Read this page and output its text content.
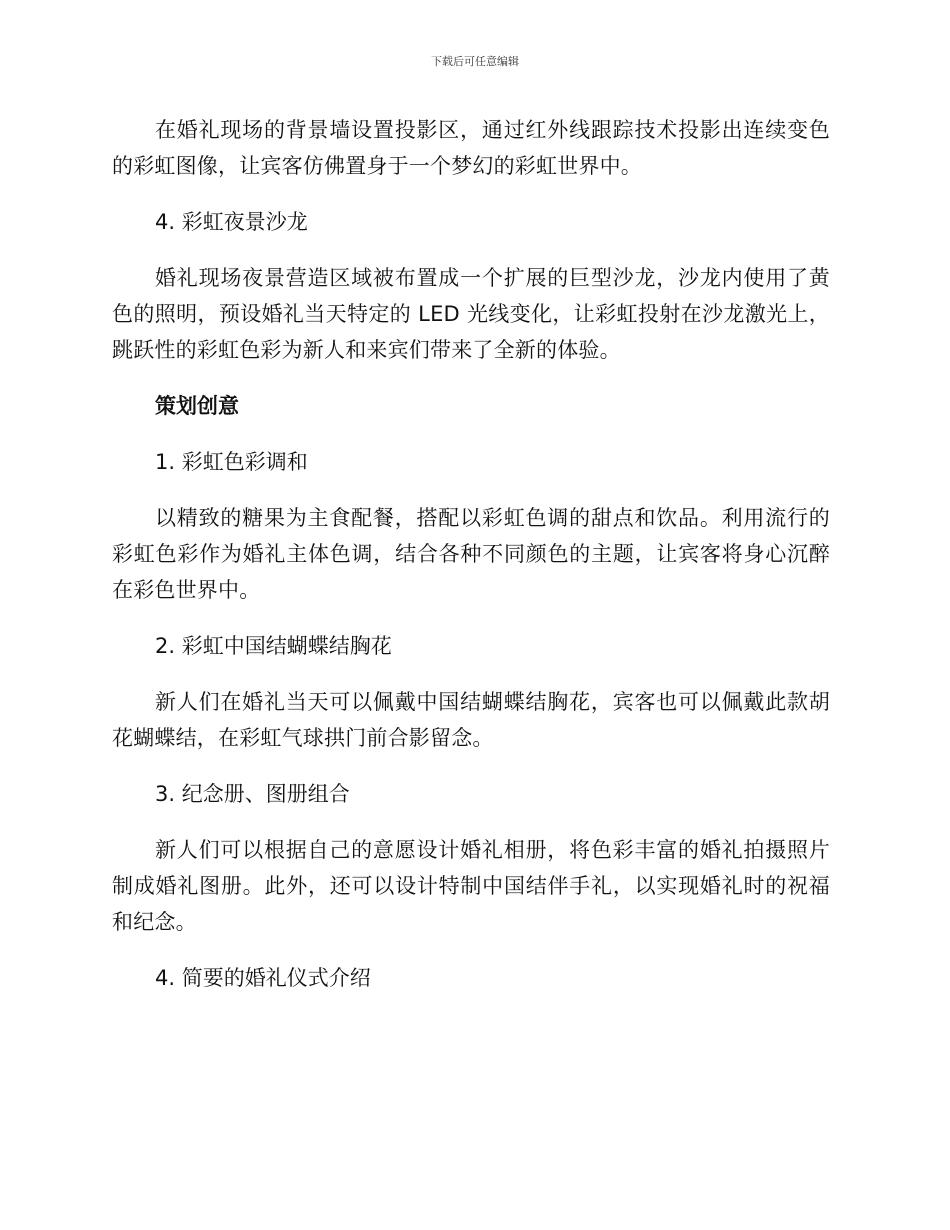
下载后可任意编辑

在婚礼现场的背景墙设置投影区，通过红外线跟踪技术投影出连续变色的彩虹图像，让宾客仿佛置身于一个梦幻的彩虹世界中。

4. 彩虹夜景沙龙

婚礼现场夜景营造区域被布置成一个扩展的巨型沙龙，沙龙内使用了黄色的照明，预设婚礼当天特定的 LED 光线变化，让彩虹投射在沙龙激光上，跳跃性的彩虹色彩为新人和来宾们带来了全新的体验。

策划创意

1. 彩虹色彩调和

以精致的糖果为主食配餐，搭配以彩虹色调的甜点和饮品。利用流行的彩虹色彩作为婚礼主体色调，结合各种不同颜色的主题，让宾客将身心沉醉在彩色世界中。

2. 彩虹中国结蝴蝶结胸花

新人们在婚礼当天可以佩戴中国结蝴蝶结胸花，宾客也可以佩戴此款胡花蝴蝶结，在彩虹气球拱门前合影留念。

3. 纪念册、图册组合

新人们可以根据自己的意愿设计婚礼相册，将色彩丰富的婚礼拍摄照片制成婚礼图册。此外，还可以设计特制中国结伴手礼，以实现婚礼时的祝福和纪念。

4. 简要的婚礼仪式介绍
